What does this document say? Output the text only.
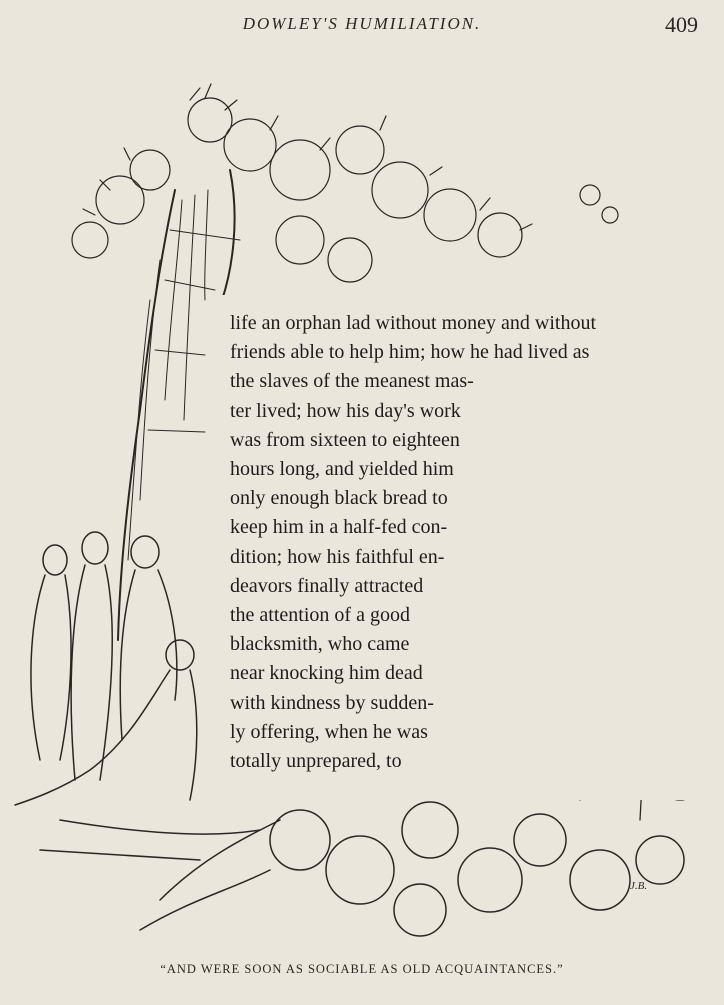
DOWLEY'S HUMILIATION.	409
life an orphan lad without money and without
friends able to help him; how he had lived as
the slaves of the meanest mas-
ter lived; how his day's work
was from sixteen to eighteen
hours long, and yielded him
only enough black bread to
keep him in a half-fed con-
dition; how his faithful en-
deavors finally attracted
the attention of a good
blacksmith, who came
near knocking him dead
with kindness by sudden-
ly offering, when he was
totally unprepared, to
J.B.
“AND WERE SOON AS SOCIABLE AS OLD ACQUAINTANCES.”
